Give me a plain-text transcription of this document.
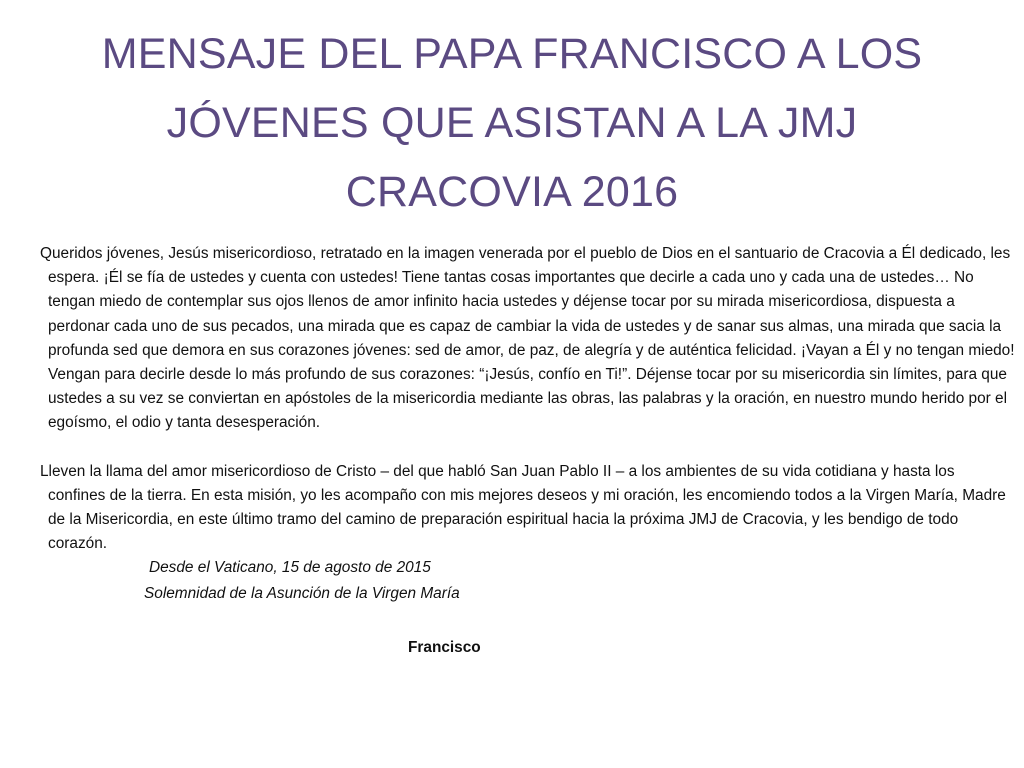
MENSAJE DEL PAPA FRANCISCO A LOS
JÓVENES QUE ASISTAN A LA JMJ
CRACOVIA 2016

Queridos jóvenes, Jesús misericordioso, retratado en la imagen venerada por el pueblo de Dios en el santuario de Cracovia a Él dedicado, les espera. ¡Él se fía de ustedes y cuenta con ustedes! Tiene tantas cosas importantes que decirle a cada uno y cada una de ustedes… No tengan miedo de contemplar sus ojos llenos de amor infinito hacia ustedes y déjense tocar por su mirada misericordiosa, dispuesta a perdonar cada uno de sus pecados, una mirada que es capaz de cambiar la vida de ustedes y de sanar sus almas, una mirada que sacia la profunda sed que demora en sus corazones jóvenes: sed de amor, de paz, de alegría y de auténtica felicidad. ¡Vayan a Él y no tengan miedo! Vengan para decirle desde lo más profundo de sus corazones: “¡Jesús, confío en Ti!”. Déjense tocar por su misericordia sin límites, para que ustedes a su vez se conviertan en apóstoles de la misericordia mediante las obras, las palabras y la oración, en nuestro mundo herido por el egoísmo, el odio y tanta desesperación.

Lleven la llama del amor misericordioso de Cristo – del que habló San Juan Pablo II – a los ambientes de su vida cotidiana y hasta los confines de la tierra. En esta misión, yo les acompaño con mis mejores deseos y mi oración, les encomiendo todos a la Virgen María, Madre de la Misericordia, en este último tramo del camino de preparación espiritual hacia la próxima JMJ de Cracovia, y les bendigo de todo corazón.

Desde el Vaticano, 15 de agosto de 2015

Solemnidad de la Asunción de la Virgen María

Francisco
